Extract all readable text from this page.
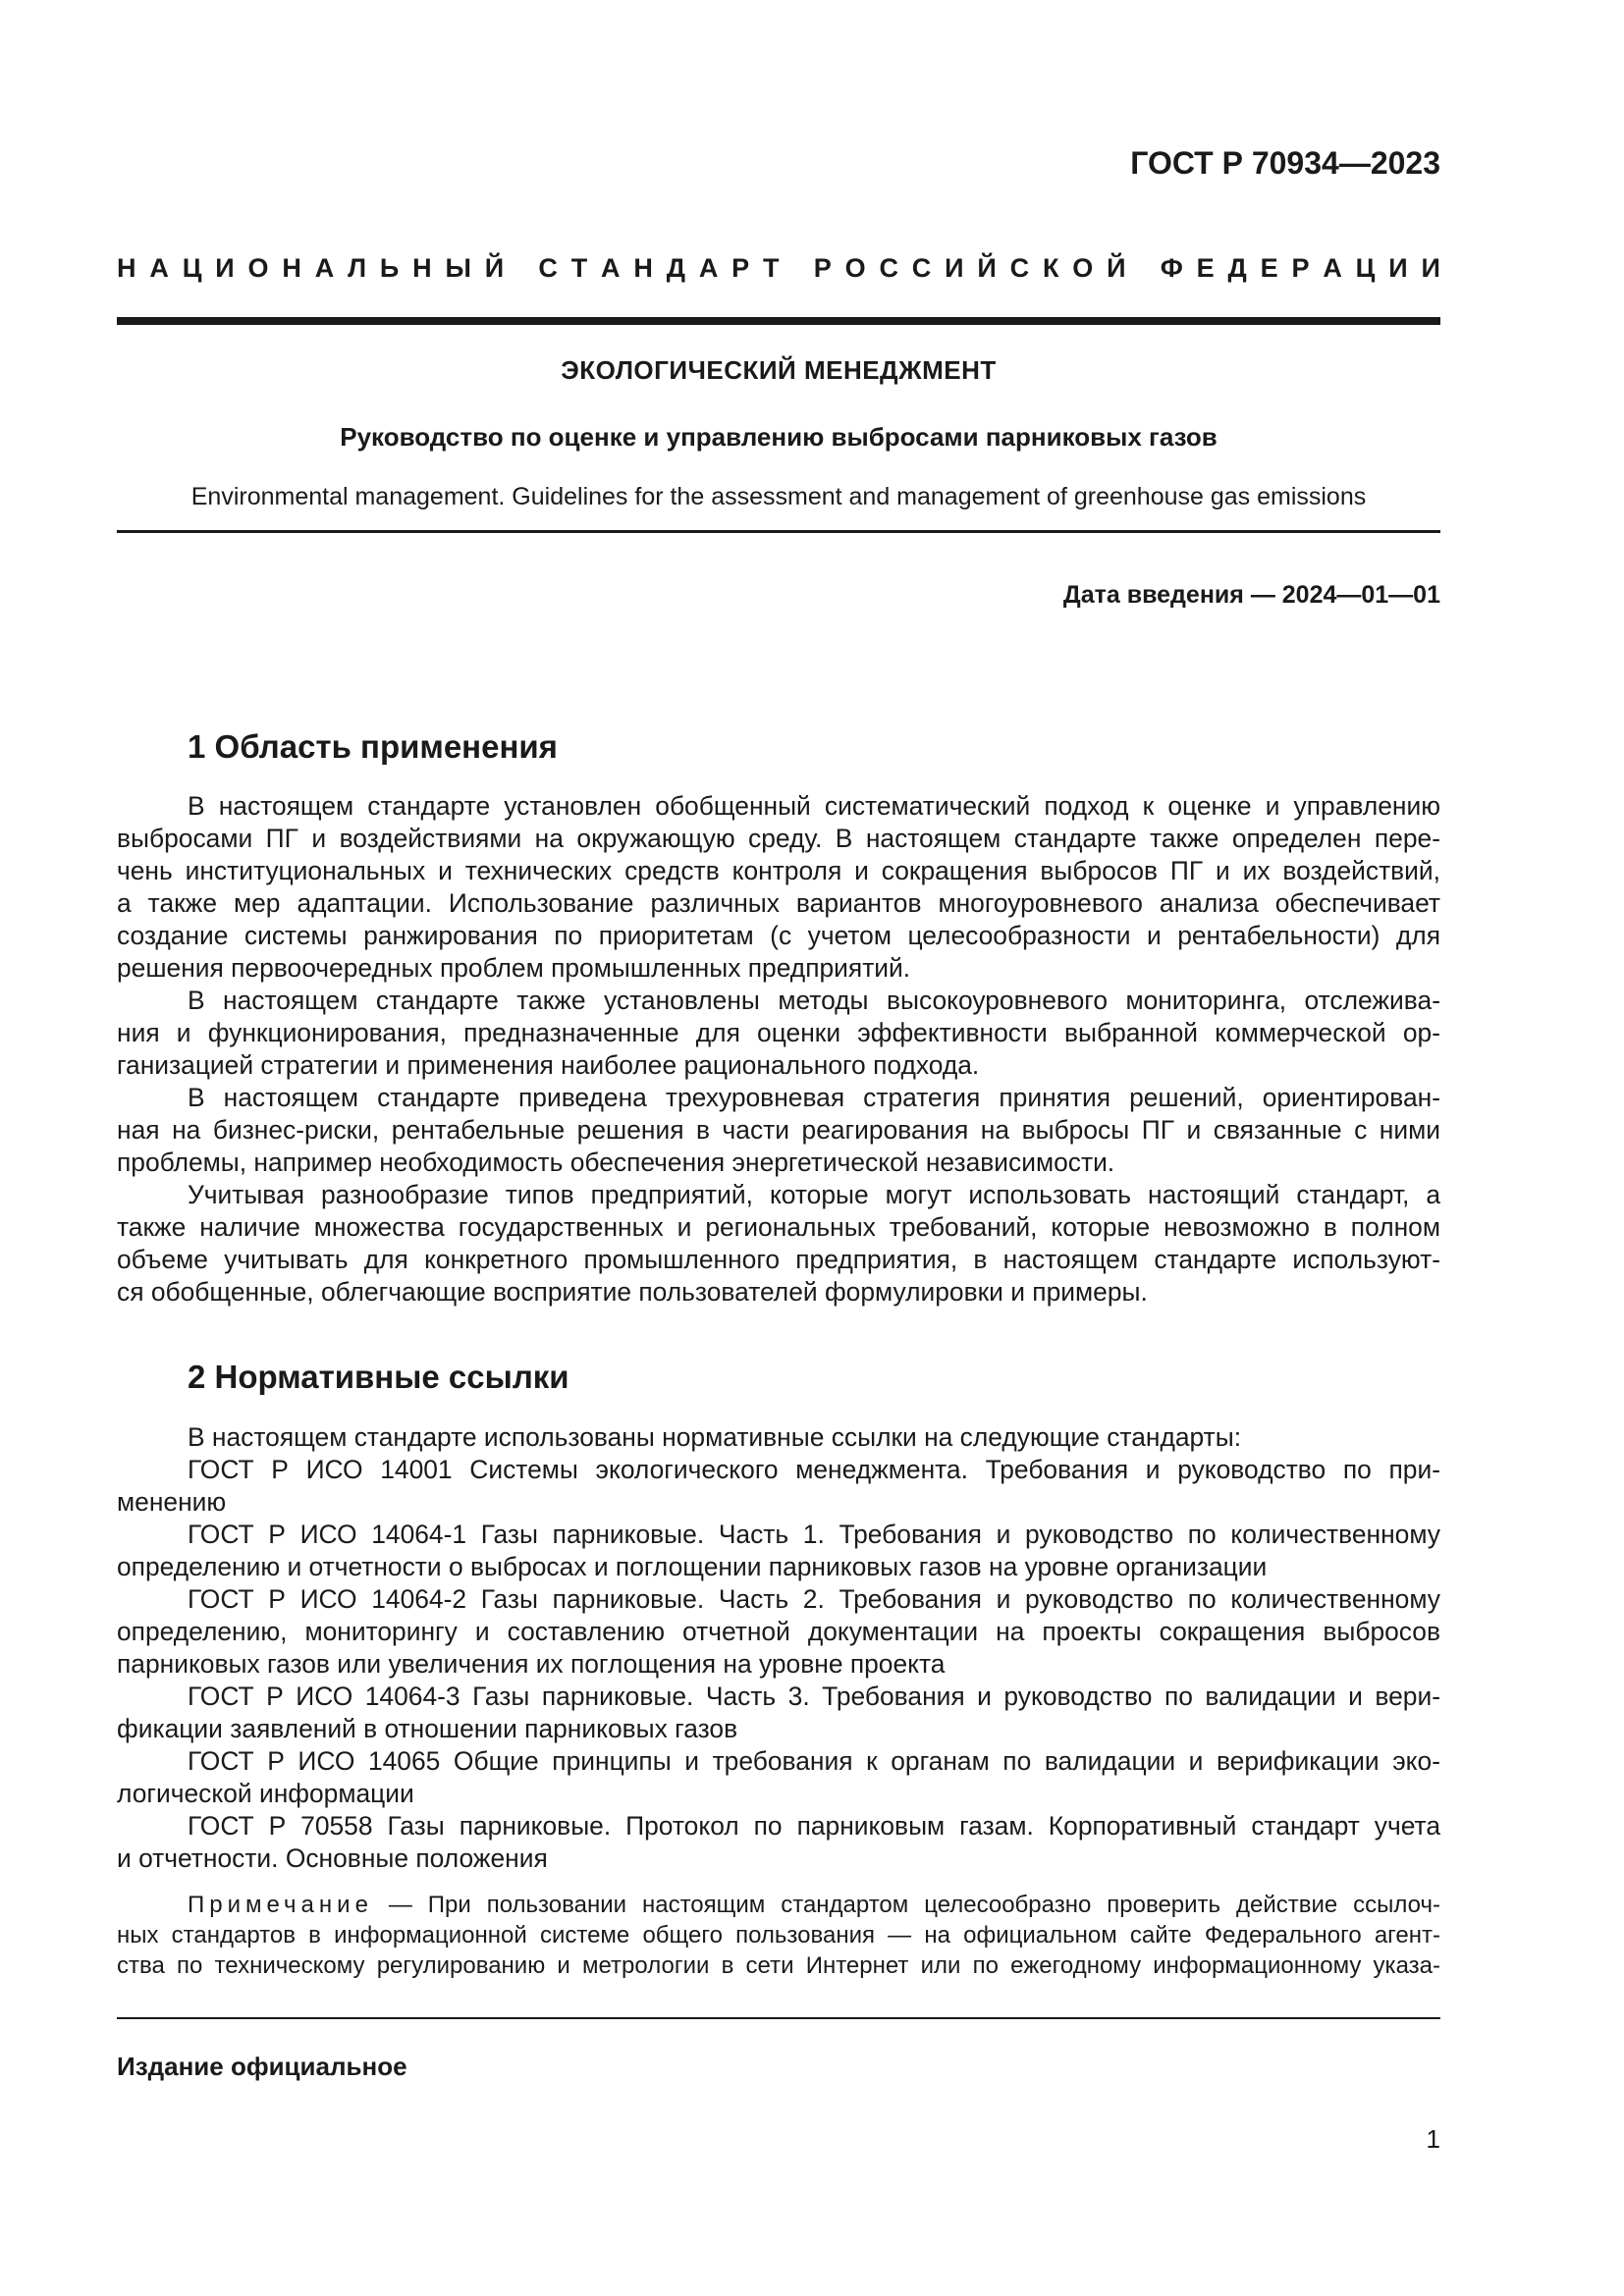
ГОСТ Р 70934—2023
Н А Ц И О Н А Л Ь Н Ы Й
С Т А Н Д А Р Т
Р О С С И Й С К О Й
Ф Е Д Е Р А Ц И И
ЭКОЛОГИЧЕСКИЙ МЕНЕДЖМЕНТ
Руководство по оценке и управлению выбросами парниковых газов
Environmental management. Guidelines for the assessment and management of greenhouse gas emissions
Дата введения — 2024—01—01
1 Область применения
В настоящем стандарте установлен обобщенный систематический подход к оценке и управлению
выбросами ПГ и воздействиями на окружающую среду. В настоящем стандарте также определен пере-
чень институциональных и технических средств контроля и сокращения выбросов ПГ и их воздействий,
а также мер адаптации. Использование различных вариантов многоуровневого анализа обеспечивает
создание системы ранжирования по приоритетам (с учетом целесообразности и рентабельности) для
решения первоочередных проблем промышленных предприятий.
В настоящем стандарте также установлены методы высокоуровневого мониторинга, отслежива-
ния и функционирования, предназначенные для оценки эффективности выбранной коммерческой ор-
ганизацией стратегии и применения наиболее рационального подхода.
В настоящем стандарте приведена трехуровневая стратегия принятия решений, ориентирован-
ная на бизнес-риски, рентабельные решения в части реагирования на выбросы ПГ и связанные с ними
проблемы, например необходимость обеспечения энергетической независимости.
Учитывая разнообразие типов предприятий, которые могут использовать настоящий стандарт, а
также наличие множества государственных и региональных требований, которые невозможно в полном
объеме учитывать для конкретного промышленного предприятия, в настоящем стандарте используют-
ся обобщенные, облегчающие восприятие пользователей формулировки и примеры.
2 Нормативные ссылки
В настоящем стандарте использованы нормативные ссылки на следующие стандарты:
ГОСТ Р ИСО 14001 Системы экологического менеджмента. Требования и руководство по при-
менению
ГОСТ Р ИСО 14064-1 Газы парниковые. Часть 1. Требования и руководство по количественному
определению и отчетности о выбросах и поглощении парниковых газов на уровне организации
ГОСТ Р ИСО 14064-2 Газы парниковые. Часть 2. Требования и руководство по количественному
определению, мониторингу и составлению отчетной документации на проекты сокращения выбросов
парниковых газов или увеличения их поглощения на уровне проекта
ГОСТ Р ИСО 14064-3 Газы парниковые. Часть 3. Требования и руководство по валидации и вери-
фикации заявлений в отношении парниковых газов
ГОСТ Р ИСО 14065 Общие принципы и требования к органам по валидации и верификации эко-
логической информации
ГОСТ Р 70558 Газы парниковые. Протокол по парниковым газам. Корпоративный стандарт учета
и отчетности. Основные положения
Примечание — При пользовании настоящим стандартом целесообразно проверить действие ссылоч-
ных стандартов в информационной системе общего пользования — на официальном сайте Федерального агент-
ства по техническому регулированию и метрологии в сети Интернет или по ежегодному информационному указа-
Издание официальное
1
